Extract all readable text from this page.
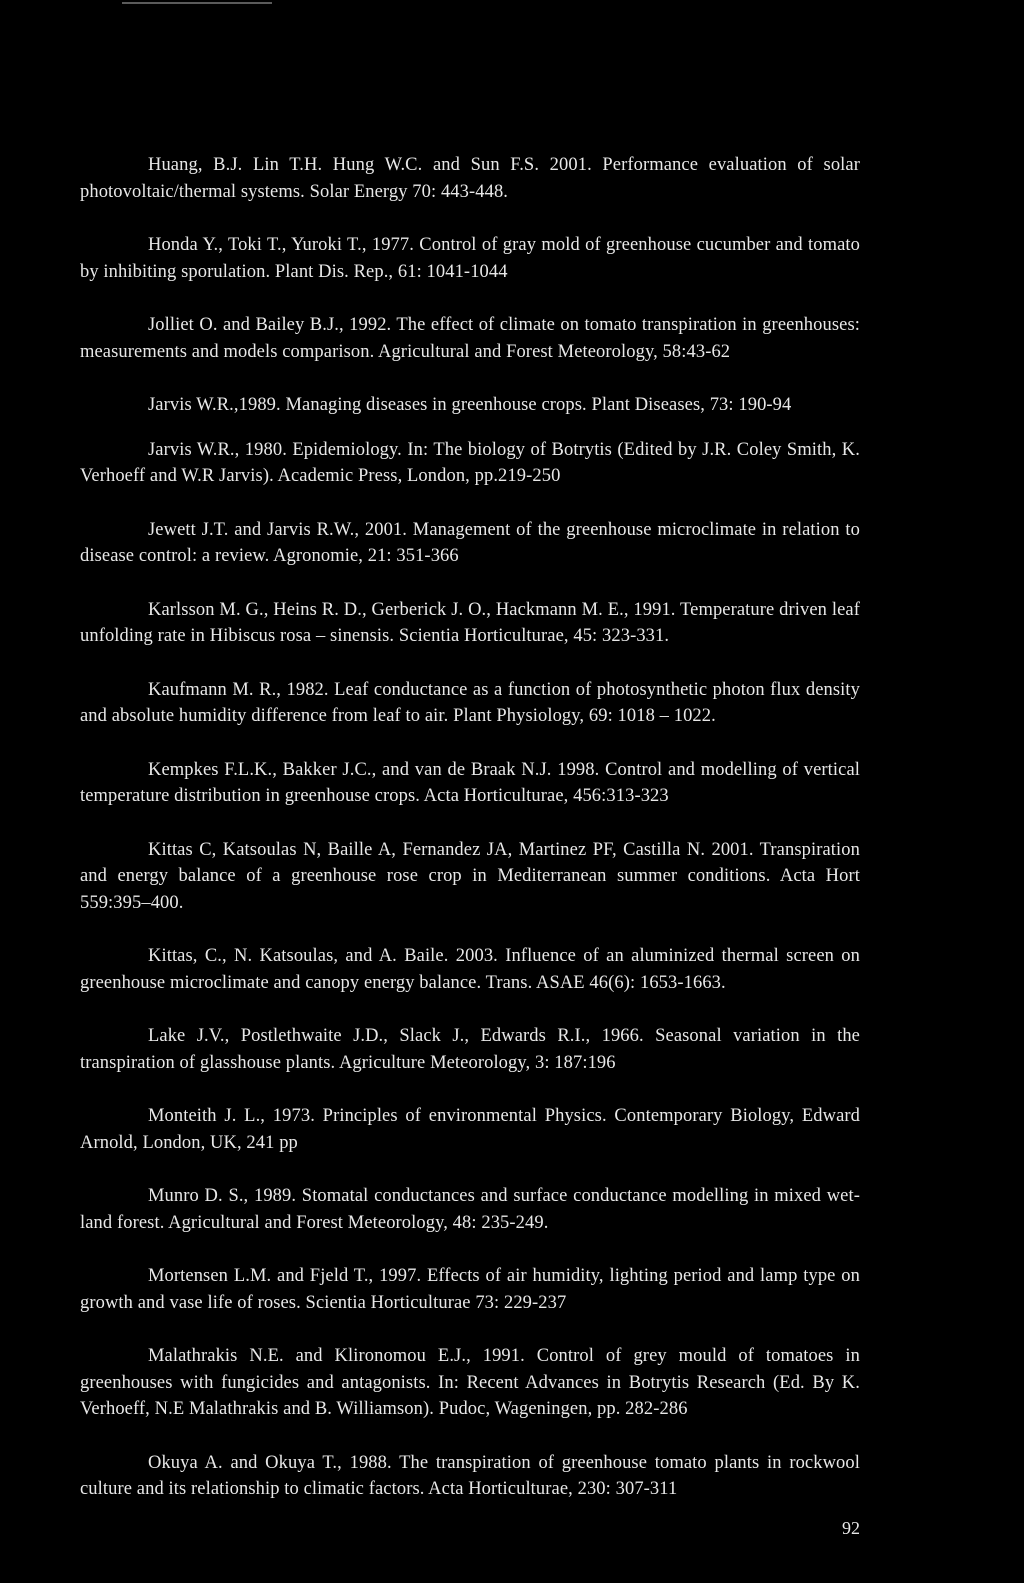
Huang, B.J. Lin T.H. Hung W.C. and Sun F.S. 2001. Performance evaluation of solar photovoltaic/thermal systems. Solar Energy 70: 443-448.

Honda Y., Toki T., Yuroki T., 1977. Control of gray mold of greenhouse cucumber and tomato by inhibiting sporulation. Plant Dis. Rep., 61: 1041-1044

Jolliet O. and Bailey B.J., 1992. The effect of climate on tomato transpiration in greenhouses: measurements and models comparison. Agricultural and Forest Meteorology, 58:43-62

Jarvis W.R.,1989. Managing diseases in greenhouse crops. Plant Diseases, 73: 190-94

Jarvis W.R., 1980. Epidemiology. In: The biology of Botrytis (Edited by J.R. Coley Smith, K. Verhoeff and W.R Jarvis). Academic Press, London, pp.219-250

Jewett J.T. and Jarvis R.W., 2001. Management of the greenhouse microclimate in relation to disease control: a review. Agronomie, 21: 351-366

Karlsson M. G., Heins R. D., Gerberick J. O., Hackmann M. E., 1991. Temperature driven leaf unfolding rate in Hibiscus rosa – sinensis. Scientia Horticulturae, 45: 323-331.

Kaufmann M. R., 1982. Leaf conductance as a function of photosynthetic photon flux density and absolute humidity difference from leaf to air. Plant Physiology, 69: 1018 – 1022.

Kempkes F.L.K., Bakker J.C., and van de Braak N.J. 1998. Control and modelling of vertical temperature distribution in greenhouse crops. Acta Horticulturae, 456:313-323

Kittas C, Katsoulas N, Baille A, Fernandez JA, Martinez PF, Castilla N. 2001. Transpiration and energy balance of a greenhouse rose crop in Mediterranean summer conditions. Acta Hort 559:395–400.

Kittas, C., N. Katsoulas, and A. Baile. 2003. Influence of an aluminized thermal screen on greenhouse microclimate and canopy energy balance. Trans. ASAE 46(6): 1653-1663.

Lake J.V., Postlethwaite J.D., Slack J., Edwards R.I., 1966. Seasonal variation in the transpiration of glasshouse plants. Agriculture Meteorology, 3: 187:196

Monteith J. L., 1973. Principles of environmental Physics. Contemporary Biology, Edward Arnold, London, UK, 241 pp

Munro D. S., 1989. Stomatal conductances and surface conductance modelling in mixed wet-land forest. Agricultural and Forest Meteorology, 48: 235-249.

Mortensen L.M. and Fjeld T., 1997. Effects of air humidity, lighting period and lamp type on growth and vase life of roses. Scientia Horticulturae 73: 229-237

Malathrakis N.E. and Klironomou E.J., 1991. Control of grey mould of tomatoes in greenhouses with fungicides and antagonists. In: Recent Advances in Botrytis Research (Ed. By K. Verhoeff, N.E Malathrakis and B. Williamson). Pudoc, Wageningen, pp. 282-286

Okuya A. and Okuya T., 1988. The transpiration of greenhouse tomato plants in rockwool culture and its relationship to climatic factors. Acta Horticulturae, 230: 307-311

92
